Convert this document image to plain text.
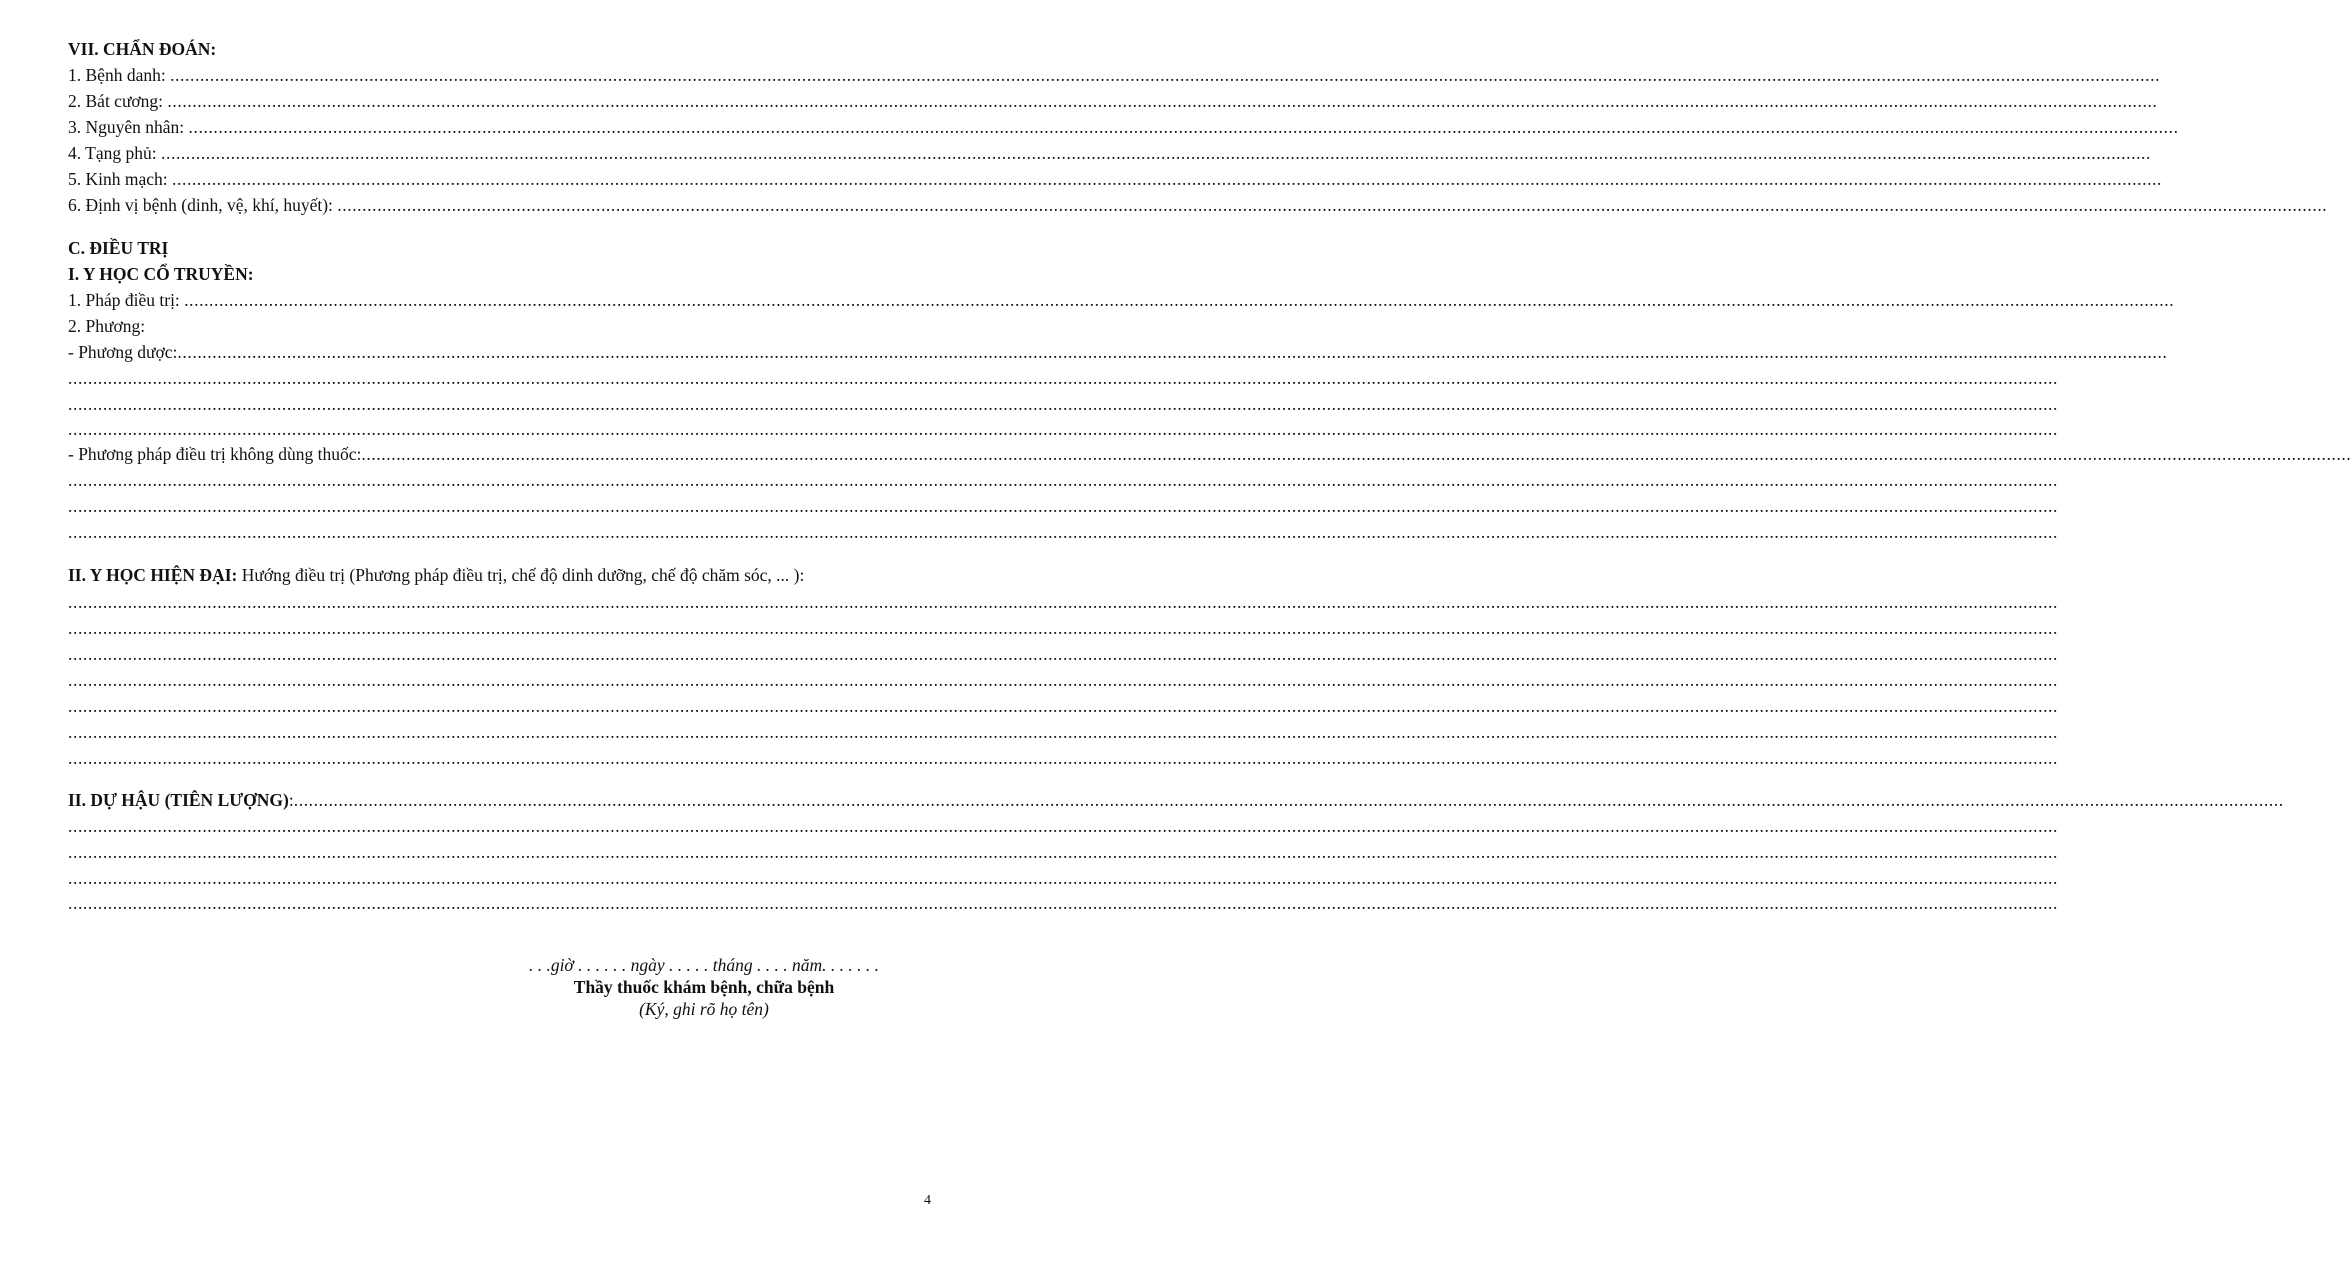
VII. CHẨN ĐOÁN:
1. Bệnh danh: ................................................................................................................................................................................................................................................................................................................................................................................................................
2. Bát cương: ................................................................................................................................................................................................................................................................................................................................................................................................................
3. Nguyên nhân: ................................................................................................................................................................................................................................................................................................................................................................................................................
4. Tạng phủ: ................................................................................................................................................................................................................................................................................................................................................................................................................
5. Kinh mạch: ................................................................................................................................................................................................................................................................................................................................................................................................................
6. Định vị bệnh (dinh, vệ, khí, huyết): ................................................................................................................................................................................................................................................................................................................................................................................................................
C. ĐIỀU TRỊ
I. Y HỌC CỔ TRUYỀN:
1. Pháp điều trị: ................................................................................................................................................................................................................................................................................................................................................................................................................
2. Phương:
- Phương dược:................................................................................................................................................................................................................................................................................................................................................................................................................
................................................................................................................................................................................................................................................................................................................................................................................................................
................................................................................................................................................................................................................................................................................................................................................................................................................
................................................................................................................................................................................................................................................................................................................................................................................................................
- Phương pháp điều trị không dùng thuốc:................................................................................................................................................................................................................................................................................................................................................................................................................
................................................................................................................................................................................................................................................................................................................................................................................................................
................................................................................................................................................................................................................................................................................................................................................................................................................
................................................................................................................................................................................................................................................................................................................................................................................................................
II. Y HỌC HIỆN ĐẠI: Hướng điều trị (Phương pháp điều trị, chế độ dinh dưỡng, chế độ chăm sóc, ... ):
................................................................................................................................................................................................................................................................................................................................................................................................................
................................................................................................................................................................................................................................................................................................................................................................................................................
................................................................................................................................................................................................................................................................................................................................................................................................................
................................................................................................................................................................................................................................................................................................................................................................................................................
................................................................................................................................................................................................................................................................................................................................................................................................................
................................................................................................................................................................................................................................................................................................................................................................................................................
................................................................................................................................................................................................................................................................................................................................................................................................................
II. DỰ HẬU (TIÊN LƯỢNG):................................................................................................................................................................................................................................................................................................................................................................................................................
................................................................................................................................................................................................................................................................................................................................................................................................................
................................................................................................................................................................................................................................................................................................................................................................................................................
................................................................................................................................................................................................................................................................................................................................................................................................................
................................................................................................................................................................................................................................................................................................................................................................................................................
. . .giờ . . . . . . ngày . . . . . tháng . . . . năm. . . . . . .
Thầy thuốc khám bệnh, chữa bệnh
(Ký, ghi rõ họ tên)
4
